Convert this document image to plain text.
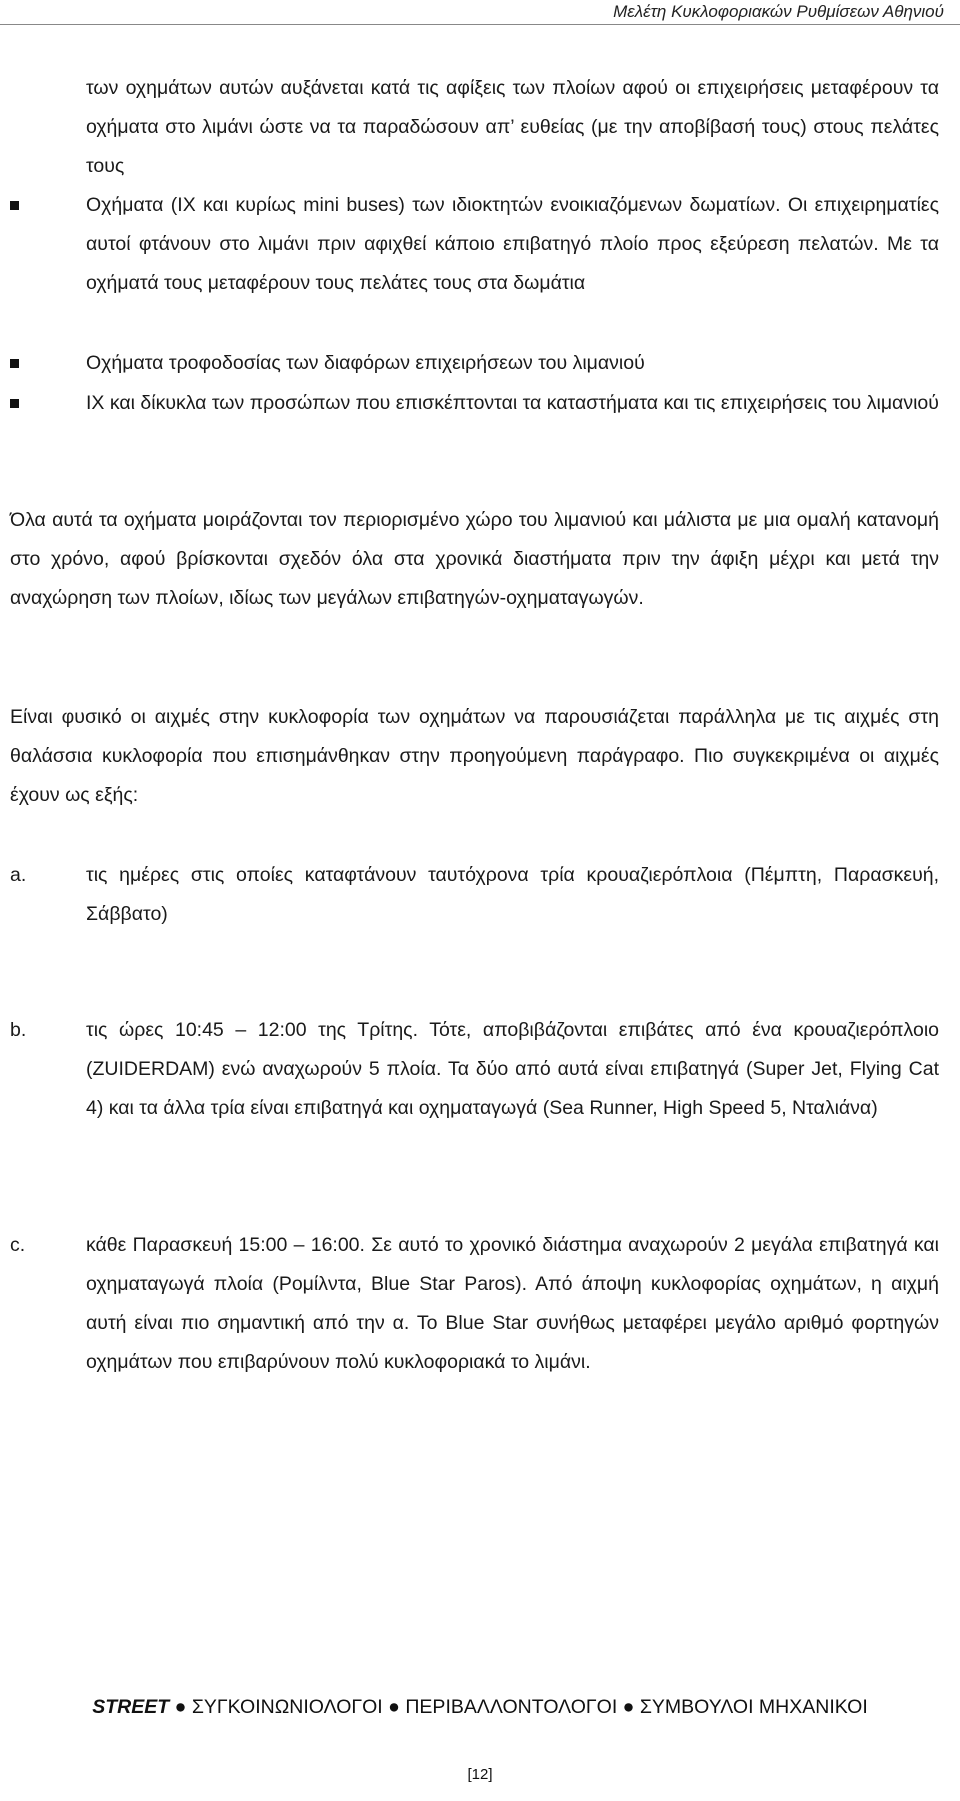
Μελέτη Κυκλοφοριακών Ρυθμίσεων Αθηνιού
των οχημάτων αυτών αυξάνεται κατά τις αφίξεις των πλοίων αφού οι επιχειρήσεις μεταφέρουν τα οχήματα στο λιμάνι ώστε να τα παραδώσουν απ’ ευθείας (με την αποβίβασή τους) στους πελάτες τους
Οχήματα (ΙΧ και κυρίως mini buses) των ιδιοκτητών ενοικιαζόμενων δωματίων. Οι επιχειρηματίες αυτοί φτάνουν στο λιμάνι πριν αφιχθεί κάποιο επιβατηγό πλοίο προς εξεύρεση πελατών. Με τα οχήματά τους μεταφέρουν τους πελάτες τους στα δωμάτια
Οχήματα τροφοδοσίας των διαφόρων επιχειρήσεων του λιμανιού
ΙΧ και δίκυκλα των προσώπων που επισκέπτονται τα καταστήματα και τις επιχειρήσεις του λιμανιού
Όλα αυτά τα οχήματα μοιράζονται τον περιορισμένο χώρο του λιμανιού και μάλιστα με μια ομαλή κατανομή στο χρόνο, αφού βρίσκονται σχεδόν όλα στα χρονικά διαστήματα πριν την άφιξη μέχρι και μετά την αναχώρηση των πλοίων, ιδίως των μεγάλων επιβατηγών-οχηματαγωγών.
Είναι φυσικό οι αιχμές στην κυκλοφορία των οχημάτων να παρουσιάζεται παράλληλα με τις αιχμές στη θαλάσσια κυκλοφορία που επισημάνθηκαν στην προηγούμενη παράγραφο. Πιο συγκεκριμένα οι αιχμές έχουν ως εξής:
a.	τις ημέρες στις οποίες καταφτάνουν ταυτόχρονα τρία κρουαζιερόπλοια (Πέμπτη, Παρασκευή, Σάββατο)
b.	τις ώρες 10:45 – 12:00 της Τρίτης. Τότε, αποβιβάζονται επιβάτες από ένα κρουαζιερόπλοιο (ZUIDERDAM) ενώ αναχωρούν 5 πλοία. Τα δύο από αυτά είναι επιβατηγά (Super Jet, Flying Cat 4) και τα άλλα τρία είναι επιβατηγά και οχηματαγωγά (Sea Runner, High Speed 5, Νταλιάνα)
c.	κάθε Παρασκευή 15:00 – 16:00. Σε αυτό το χρονικό διάστημα αναχωρούν 2 μεγάλα επιβατηγά και οχηματαγωγά πλοία (Ρομίλντα, Blue Star Paros). Από άποψη κυκλοφορίας οχημάτων, η αιχμή αυτή είναι πιο σημαντική από την α. Το Blue Star συνήθως μεταφέρει μεγάλο αριθμό φορτηγών οχημάτων που επιβαρύνουν πολύ κυκλοφοριακά το λιμάνι.
STREET ● ΣΥΓΚΟΙΝΩΝΙΟΛΟΓΟΙ ● ΠΕΡΙΒΑΛΛΟΝΤΟΛΟΓΟΙ ● ΣΥΜΒΟΥΛΟΙ ΜΗΧΑΝΙΚΟΙ
[12]
